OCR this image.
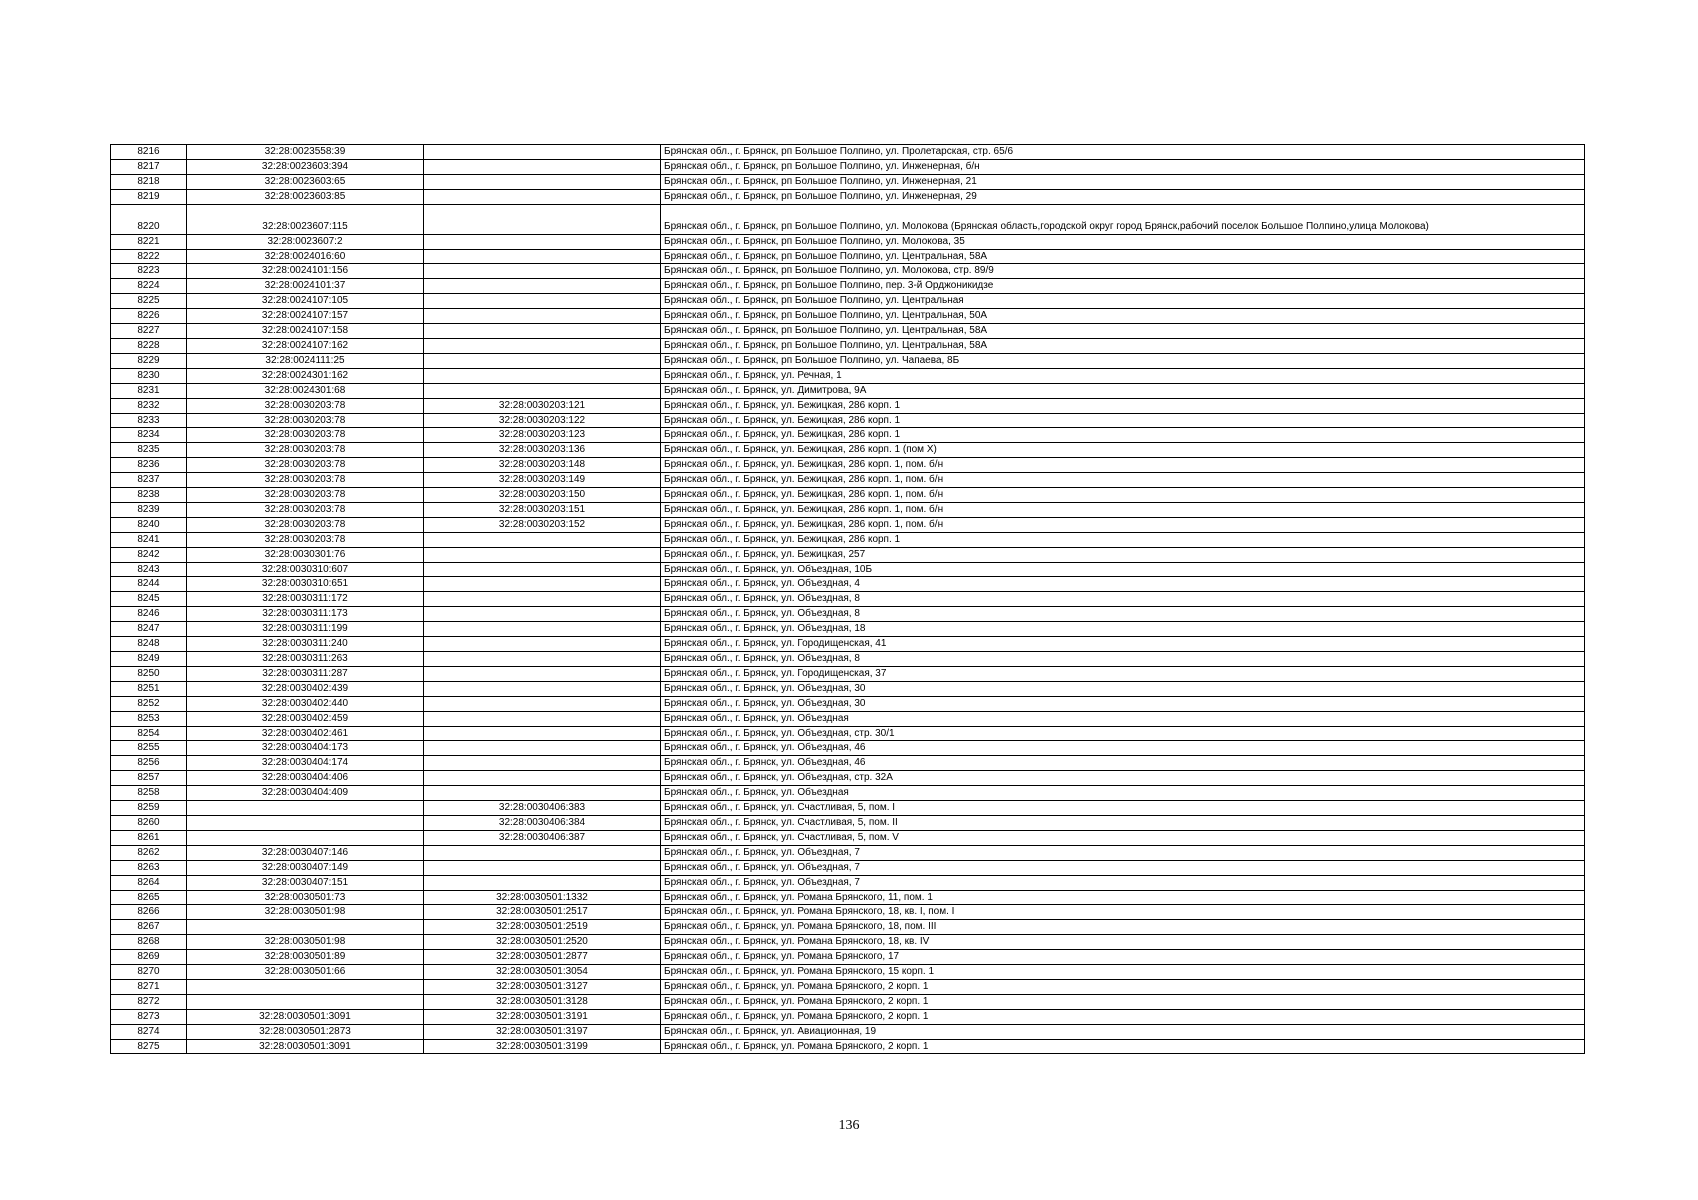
8216	32:28:0023558:39		Брянская обл., г. Брянск, рп Большое Полпино, ул. Пролетарская, стр. 65/6
8217	32:28:0023603:394		Брянская обл., г. Брянск, рп Большое Полпино, ул. Инженерная, б/н
8218	32:28:0023603:65		Брянская обл., г. Брянск, рп Большое Полпино, ул. Инженерная, 21
8219	32:28:0023603:85		Брянская обл., г. Брянск, рп Большое Полпино, ул. Инженерная, 29
8220	32:28:0023607:115		Брянская обл., г. Брянск, рп Большое Полпино, ул. Молокова (Брянская область,городской округ город Брянск,рабочий поселок Большое Полпино,улица Молокова)
8221	32:28:0023607:2		Брянская обл., г. Брянск, рп Большое Полпино, ул. Молокова, 35
8222	32:28:0024016:60		Брянская обл., г. Брянск, рп Большое Полпино, ул. Центральная, 58А
8223	32:28:0024101:156		Брянская обл., г. Брянск, рп Большое Полпино, ул. Молокова, стр. 89/9
8224	32:28:0024101:37		Брянская обл., г. Брянск, рп Большое Полпино, пер. 3-й Орджоникидзе
8225	32:28:0024107:105		Брянская обл., г. Брянск, рп Большое Полпино, ул. Центральная
8226	32:28:0024107:157		Брянская обл., г. Брянск, рп Большое Полпино, ул. Центральная, 50А
8227	32:28:0024107:158		Брянская обл., г. Брянск, рп Большое Полпино, ул. Центральная, 58А
8228	32:28:0024107:162		Брянская обл., г. Брянск, рп Большое Полпино, ул. Центральная, 58А
8229	32:28:0024111:25		Брянская обл., г. Брянск, рп Большое Полпино, ул. Чапаева, 8Б
8230	32:28:0024301:162		Брянская обл., г. Брянск, ул. Речная, 1
8231	32:28:0024301:68		Брянская обл., г. Брянск, ул. Димитрова, 9А
8232	32:28:0030203:78	32:28:0030203:121	Брянская обл., г. Брянск, ул. Бежицкая, 286 корп. 1
8233	32:28:0030203:78	32:28:0030203:122	Брянская обл., г. Брянск, ул. Бежицкая, 286 корп. 1
8234	32:28:0030203:78	32:28:0030203:123	Брянская обл., г. Брянск, ул. Бежицкая, 286 корп. 1
8235	32:28:0030203:78	32:28:0030203:136	Брянская обл., г. Брянск, ул. Бежицкая, 286 корп. 1 (пом Х)
8236	32:28:0030203:78	32:28:0030203:148	Брянская обл., г. Брянск, ул. Бежицкая, 286 корп. 1, пом. б/н
8237	32:28:0030203:78	32:28:0030203:149	Брянская обл., г. Брянск, ул. Бежицкая, 286 корп. 1, пом. б/н
8238	32:28:0030203:78	32:28:0030203:150	Брянская обл., г. Брянск, ул. Бежицкая, 286 корп. 1, пом. б/н
8239	32:28:0030203:78	32:28:0030203:151	Брянская обл., г. Брянск, ул. Бежицкая, 286 корп. 1, пом. б/н
8240	32:28:0030203:78	32:28:0030203:152	Брянская обл., г. Брянск, ул. Бежицкая, 286 корп. 1, пом. б/н
8241	32:28:0030203:78		Брянская обл., г. Брянск, ул. Бежицкая, 286 корп. 1
8242	32:28:0030301:76		Брянская обл., г. Брянск, ул. Бежицкая, 257
8243	32:28:0030310:607		Брянская обл., г. Брянск, ул. Объездная, 10Б
8244	32:28:0030310:651		Брянская обл., г. Брянск, ул. Объездная, 4
8245	32:28:0030311:172		Брянская обл., г. Брянск, ул. Объездная, 8
8246	32:28:0030311:173		Брянская обл., г. Брянск, ул. Объездная, 8
8247	32:28:0030311:199		Брянская обл., г. Брянск, ул. Объездная, 18
8248	32:28:0030311:240		Брянская обл., г. Брянск, ул. Городищенская, 41
8249	32:28:0030311:263		Брянская обл., г. Брянск, ул. Объездная, 8
8250	32:28:0030311:287		Брянская обл., г. Брянск, ул. Городищенская, 37
8251	32:28:0030402:439		Брянская обл., г. Брянск, ул. Объездная, 30
8252	32:28:0030402:440		Брянская обл., г. Брянск, ул. Объездная, 30
8253	32:28:0030402:459		Брянская обл., г. Брянск, ул. Объездная
8254	32:28:0030402:461		Брянская обл., г. Брянск, ул. Объездная, стр. 30/1
8255	32:28:0030404:173		Брянская обл., г. Брянск, ул. Объездная, 46
8256	32:28:0030404:174		Брянская обл., г. Брянск, ул. Объездная, 46
8257	32:28:0030404:406		Брянская обл., г. Брянск, ул. Объездная, стр. 32А
8258	32:28:0030404:409		Брянская обл., г. Брянск, ул. Объездная
8259		32:28:0030406:383	Брянская обл., г. Брянск, ул. Счастливая, 5, пом. I
8260		32:28:0030406:384	Брянская обл., г. Брянск, ул. Счастливая, 5, пом. II
8261		32:28:0030406:387	Брянская обл., г. Брянск, ул. Счастливая, 5, пом. V
8262	32:28:0030407:146		Брянская обл., г. Брянск, ул. Объездная, 7
8263	32:28:0030407:149		Брянская обл., г. Брянск, ул. Объездная, 7
8264	32:28:0030407:151		Брянская обл., г. Брянск, ул. Объездная, 7
8265	32:28:0030501:73	32:28:0030501:1332	Брянская обл., г. Брянск, ул. Романа Брянского, 11, пом. 1
8266	32:28:0030501:98	32:28:0030501:2517	Брянская обл., г. Брянск, ул. Романа Брянского, 18, кв. I, пом. I
8267		32:28:0030501:2519	Брянская обл., г. Брянск, ул. Романа Брянского, 18, пом. III
8268	32:28:0030501:98	32:28:0030501:2520	Брянская обл., г. Брянск, ул. Романа Брянского, 18, кв. IV
8269	32:28:0030501:89	32:28:0030501:2877	Брянская обл., г. Брянск, ул. Романа Брянского, 17
8270	32:28:0030501:66	32:28:0030501:3054	Брянская обл., г. Брянск, ул. Романа Брянского, 15 корп. 1
8271		32:28:0030501:3127	Брянская обл., г. Брянск, ул. Романа Брянского, 2 корп. 1
8272		32:28:0030501:3128	Брянская обл., г. Брянск, ул. Романа Брянского, 2 корп. 1
8273	32:28:0030501:3091	32:28:0030501:3191	Брянская обл., г. Брянск, ул. Романа Брянского, 2 корп. 1
8274	32:28:0030501:2873	32:28:0030501:3197	Брянская обл., г. Брянск, ул. Авиационная, 19
8275	32:28:0030501:3091	32:28:0030501:3199	Брянская обл., г. Брянск, ул. Романа Брянского, 2 корп. 1
136
